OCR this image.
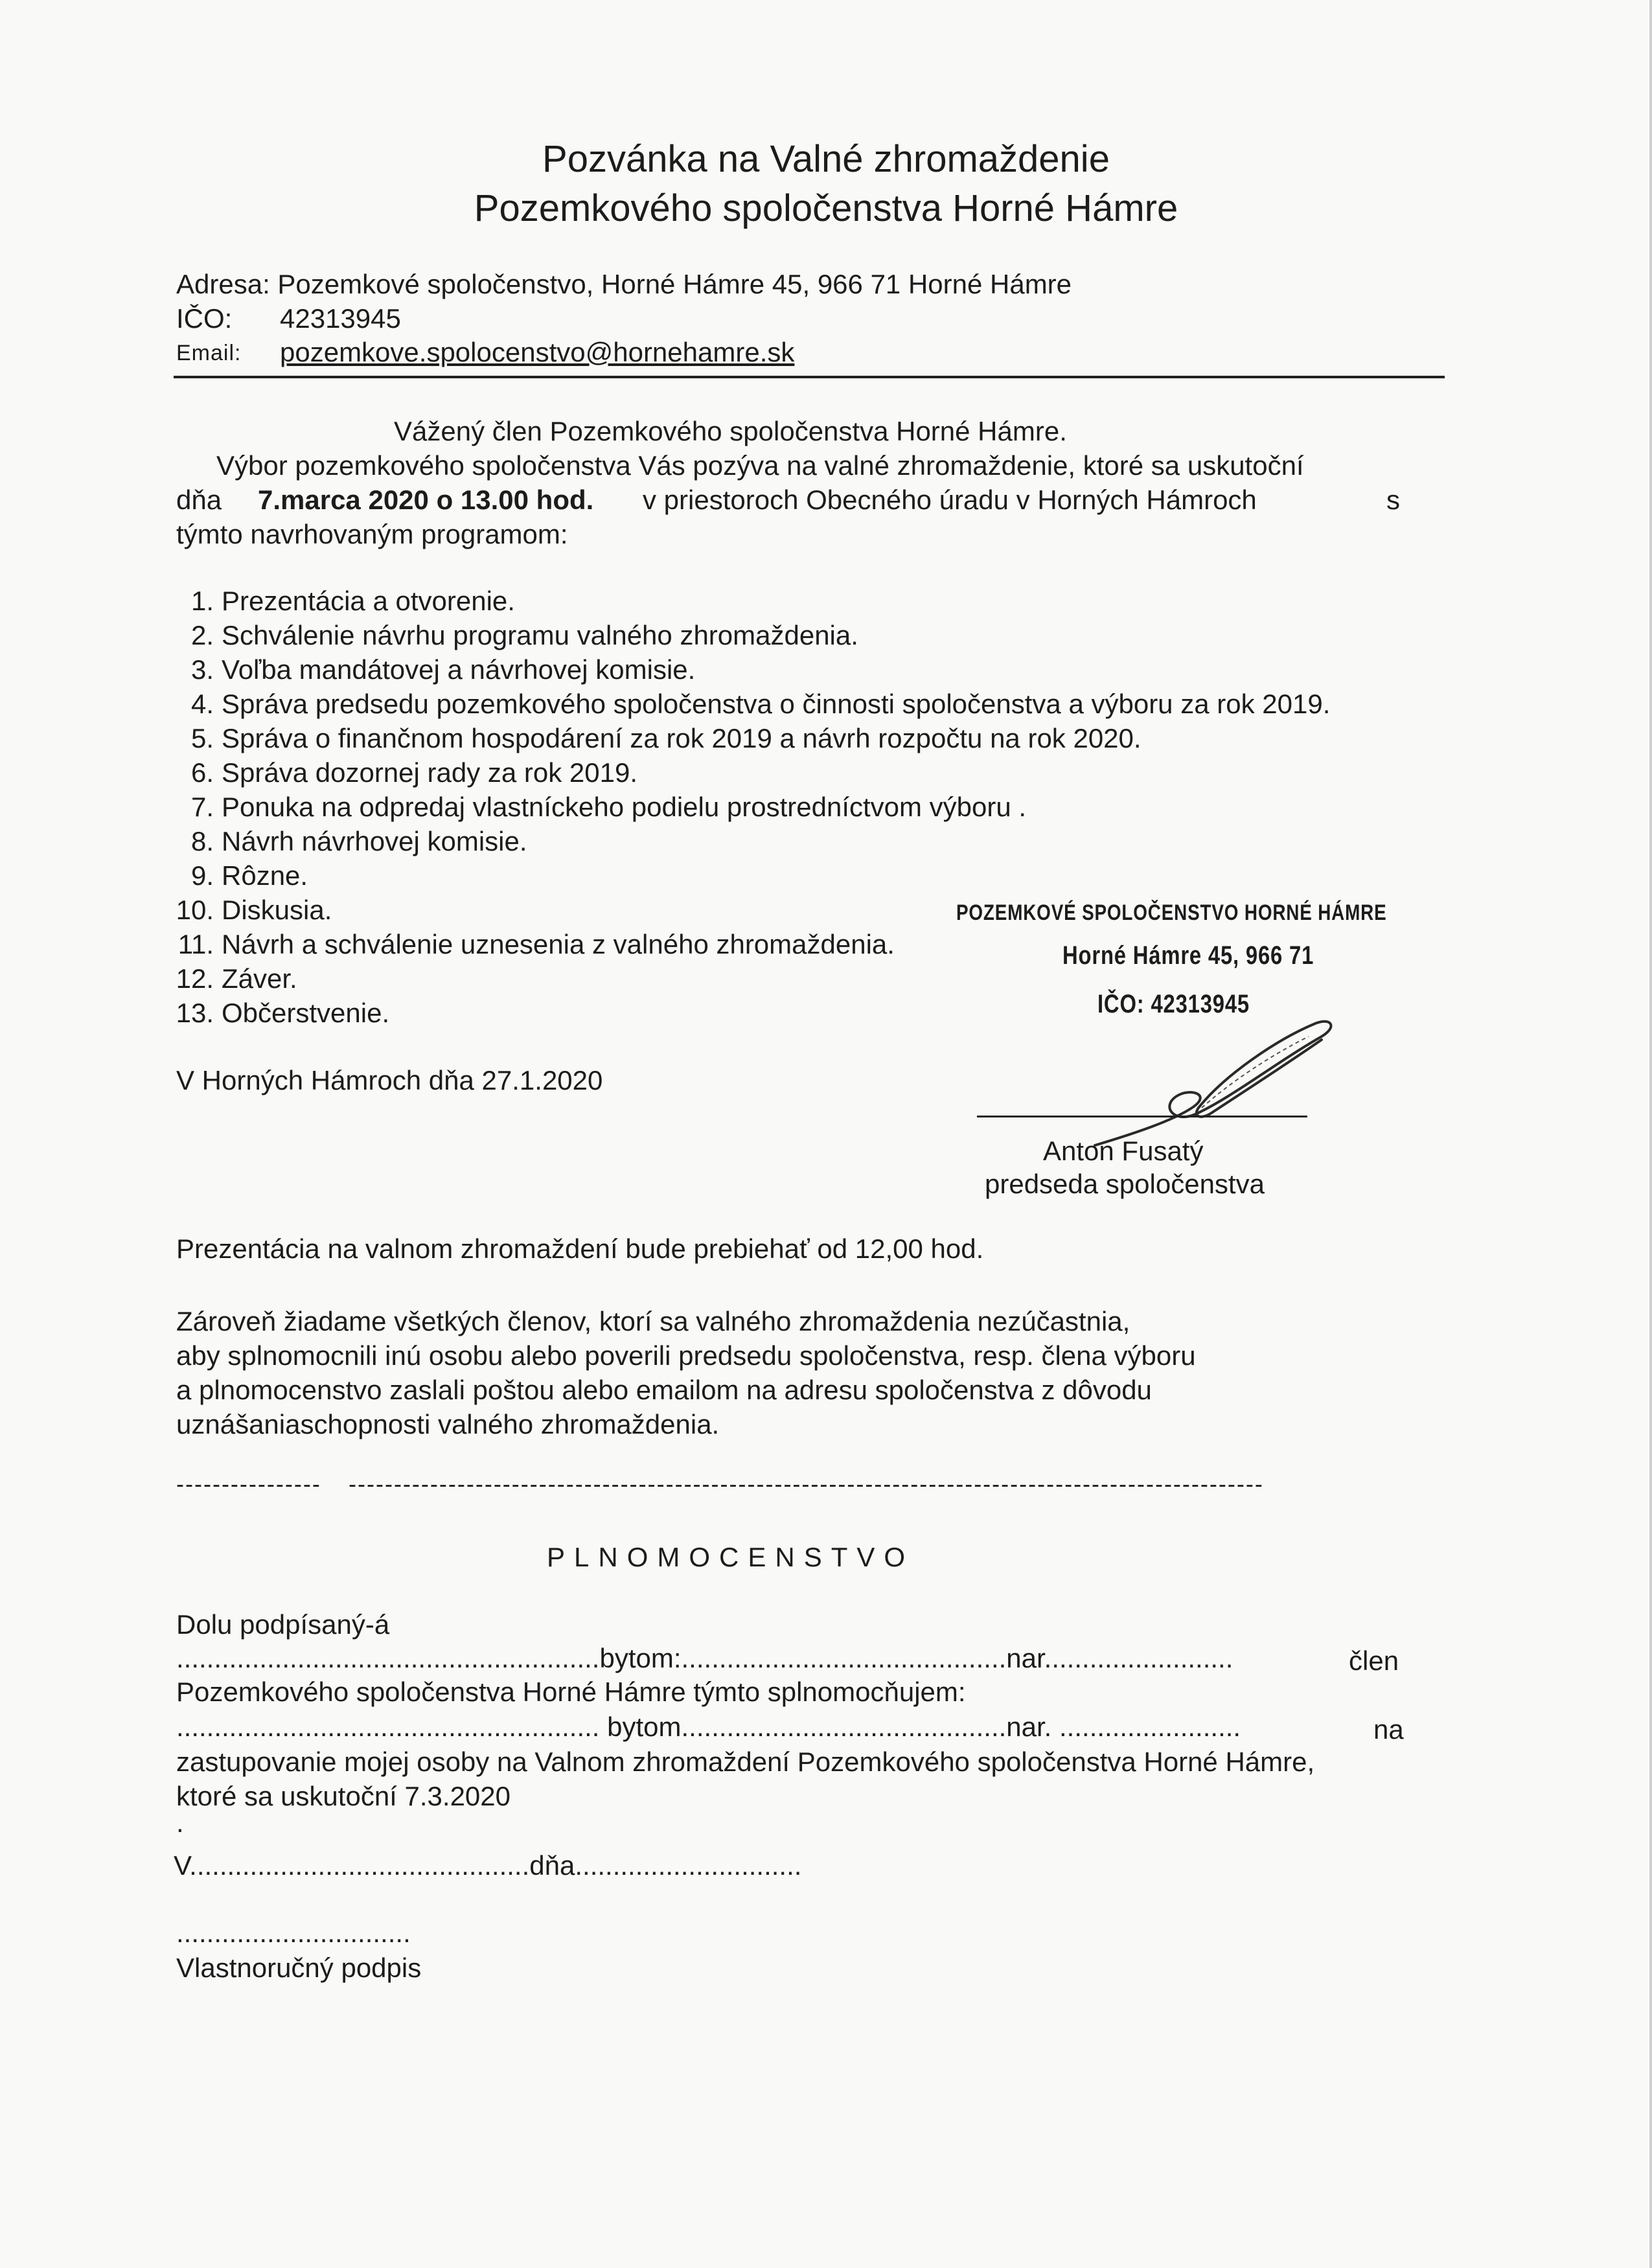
Pozvánka na Valné zhromaždenie
Pozemkového spoločenstva Horné Hámre
Adresa: Pozemkové spoločenstvo, Horné Hámre 45, 966 71 Horné Hámre
IČO: 42313945
Email: pozemkove.spolocenstvo@hornehamre.sk
Vážený člen Pozemkového spoločenstva Horné Hámre.
Výbor pozemkového spoločenstva Vás pozýva na valné zhromaždenie, ktoré sa uskutoční
dňa 7.marca 2020 o 13.00 hod. v priestoroch Obecného úradu v Horných Hámroch	s
týmto navrhovaným programom:
1. Prezentácia a otvorenie.
2. Schválenie návrhu programu valného zhromaždenia.
3. Voľba mandátovej a návrhovej komisie.
4. Správa predsedu pozemkového spoločenstva o činnosti spoločenstva a výboru za rok 2019.
5. Správa o finančnom hospodárení za rok 2019 a návrh rozpočtu na rok 2020.
6. Správa dozornej rady za rok 2019.
7. Ponuka na odpredaj vlastníckeho podielu prostredníctvom výboru .
8. Návrh návrhovej komisie.
9. Rôzne.
10. Diskusia.
11. Návrh a schválenie uznesenia z valného zhromaždenia.
12. Záver.
13. Občerstvenie.
POZEMKOVÉ SPOLOČENSTVO HORNÉ HÁMRE
Horné Hámre 45, 966 71
IČO: 42313945
V Horných Hámroch dňa 27.1.2020
Anton Fusatý
predseda spoločenstva
Prezentácia na valnom zhromaždení bude prebiehať od 12,00 hod.
Zároveň žiadame všetkých členov, ktorí sa valného zhromaždenia nezúčastnia,
aby splnomocnili inú osobu alebo poverili predsedu spoločenstva, resp. člena výboru
a plnomocenstvo zaslali poštou alebo emailom na adresu spoločenstva z dôvodu
uznášaniaschopnosti valného zhromaždenia.
----------------	-----------------------------------------------------------------------------------------------------
PLNOMOCENSTVO
Dolu podpísaný-á
........................................................bytom:...........................................nar.........................	člen
Pozemkového spoločenstva Horné Hámre týmto splnomocňujem:
........................................................ bytom...........................................nar. ........................	na
zastupovanie mojej osoby na Valnom zhromaždení Pozemkového spoločenstva Horné Hámre,
ktoré sa uskutoční 7.3.2020
.
V.............................................dňa..............................
...............................
Vlastnoručný podpis
